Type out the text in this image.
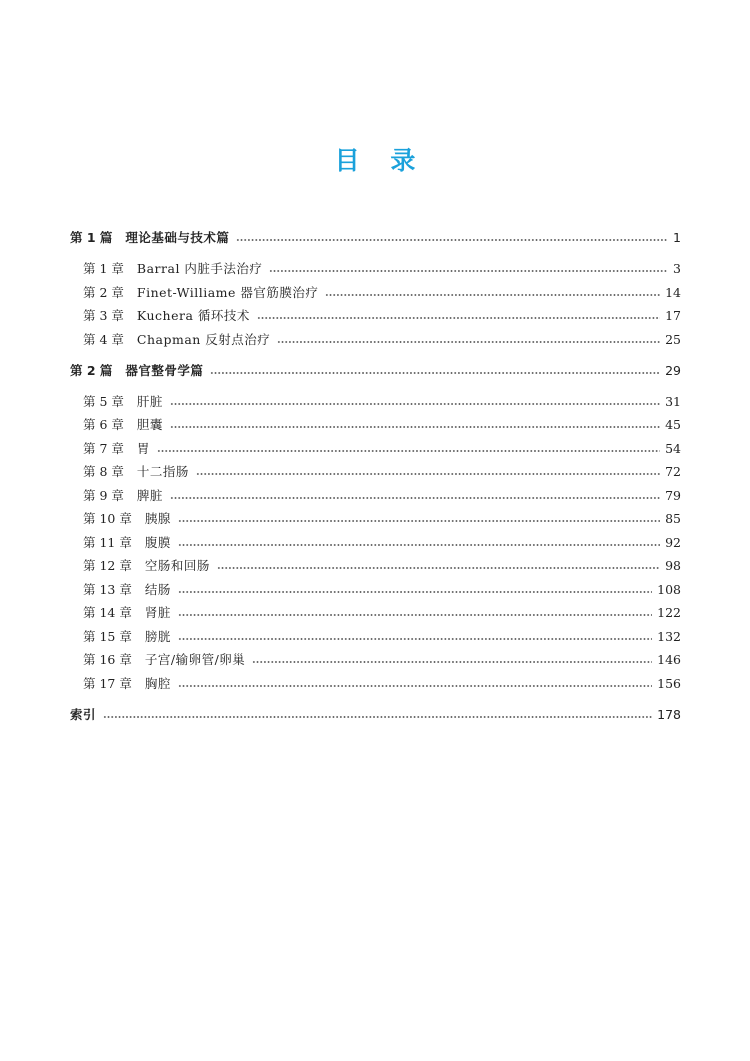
目 录
第 1 篇 理论基础与技术篇	1
第 1 章 Barral 内脏手法治疗	3
第 2 章 Finet-Williame 器官筋膜治疗	14
第 3 章 Kuchera 循环技术	17
第 4 章 Chapman 反射点治疗	25
第 2 篇 器官整骨学篇	29
第 5 章 肝脏	31
第 6 章 胆囊	45
第 7 章 胃	54
第 8 章 十二指肠	72
第 9 章 脾脏	79
第 10 章 胰腺	85
第 11 章 腹膜	92
第 12 章 空肠和回肠	98
第 13 章 结肠	108
第 14 章 肾脏	122
第 15 章 膀胱	132
第 16 章 子宫/输卵管/卵巢	146
第 17 章 胸腔	156
索引	178
